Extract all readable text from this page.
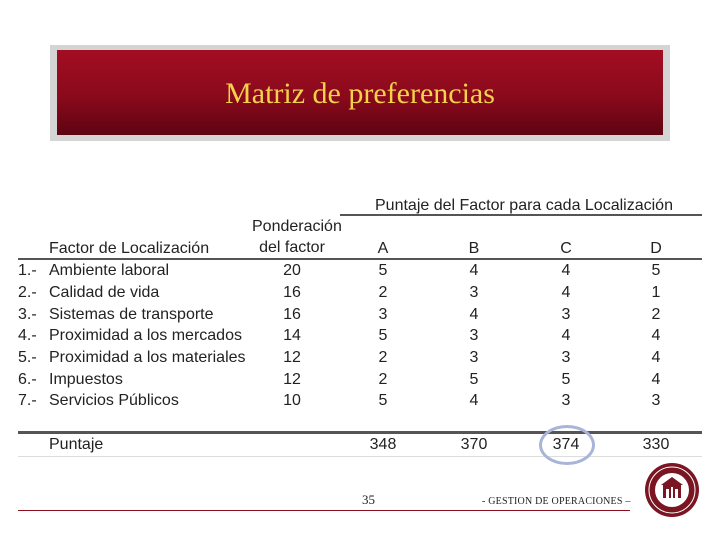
Matriz de preferencias
Puntaje del Factor para cada Localización
Ponderación
del factor
Factor de Localización	A	B	C	D
1.- Ambiente laboral	20	5	4	4	5
2.- Calidad de vida	16	2	3	4	1
3.- Sistemas de transporte	16	3	4	3	2
4.- Proximidad a los mercados	14	5	3	4	4
5.- Proximidad a los materiales	12	2	3	3	4
6.- Impuestos	12	2	5	5	4
7.- Servicios Públicos	10	5	4	3	3
Puntaje	348	370	374	330
35	- GESTION DE OPERACIONES –
